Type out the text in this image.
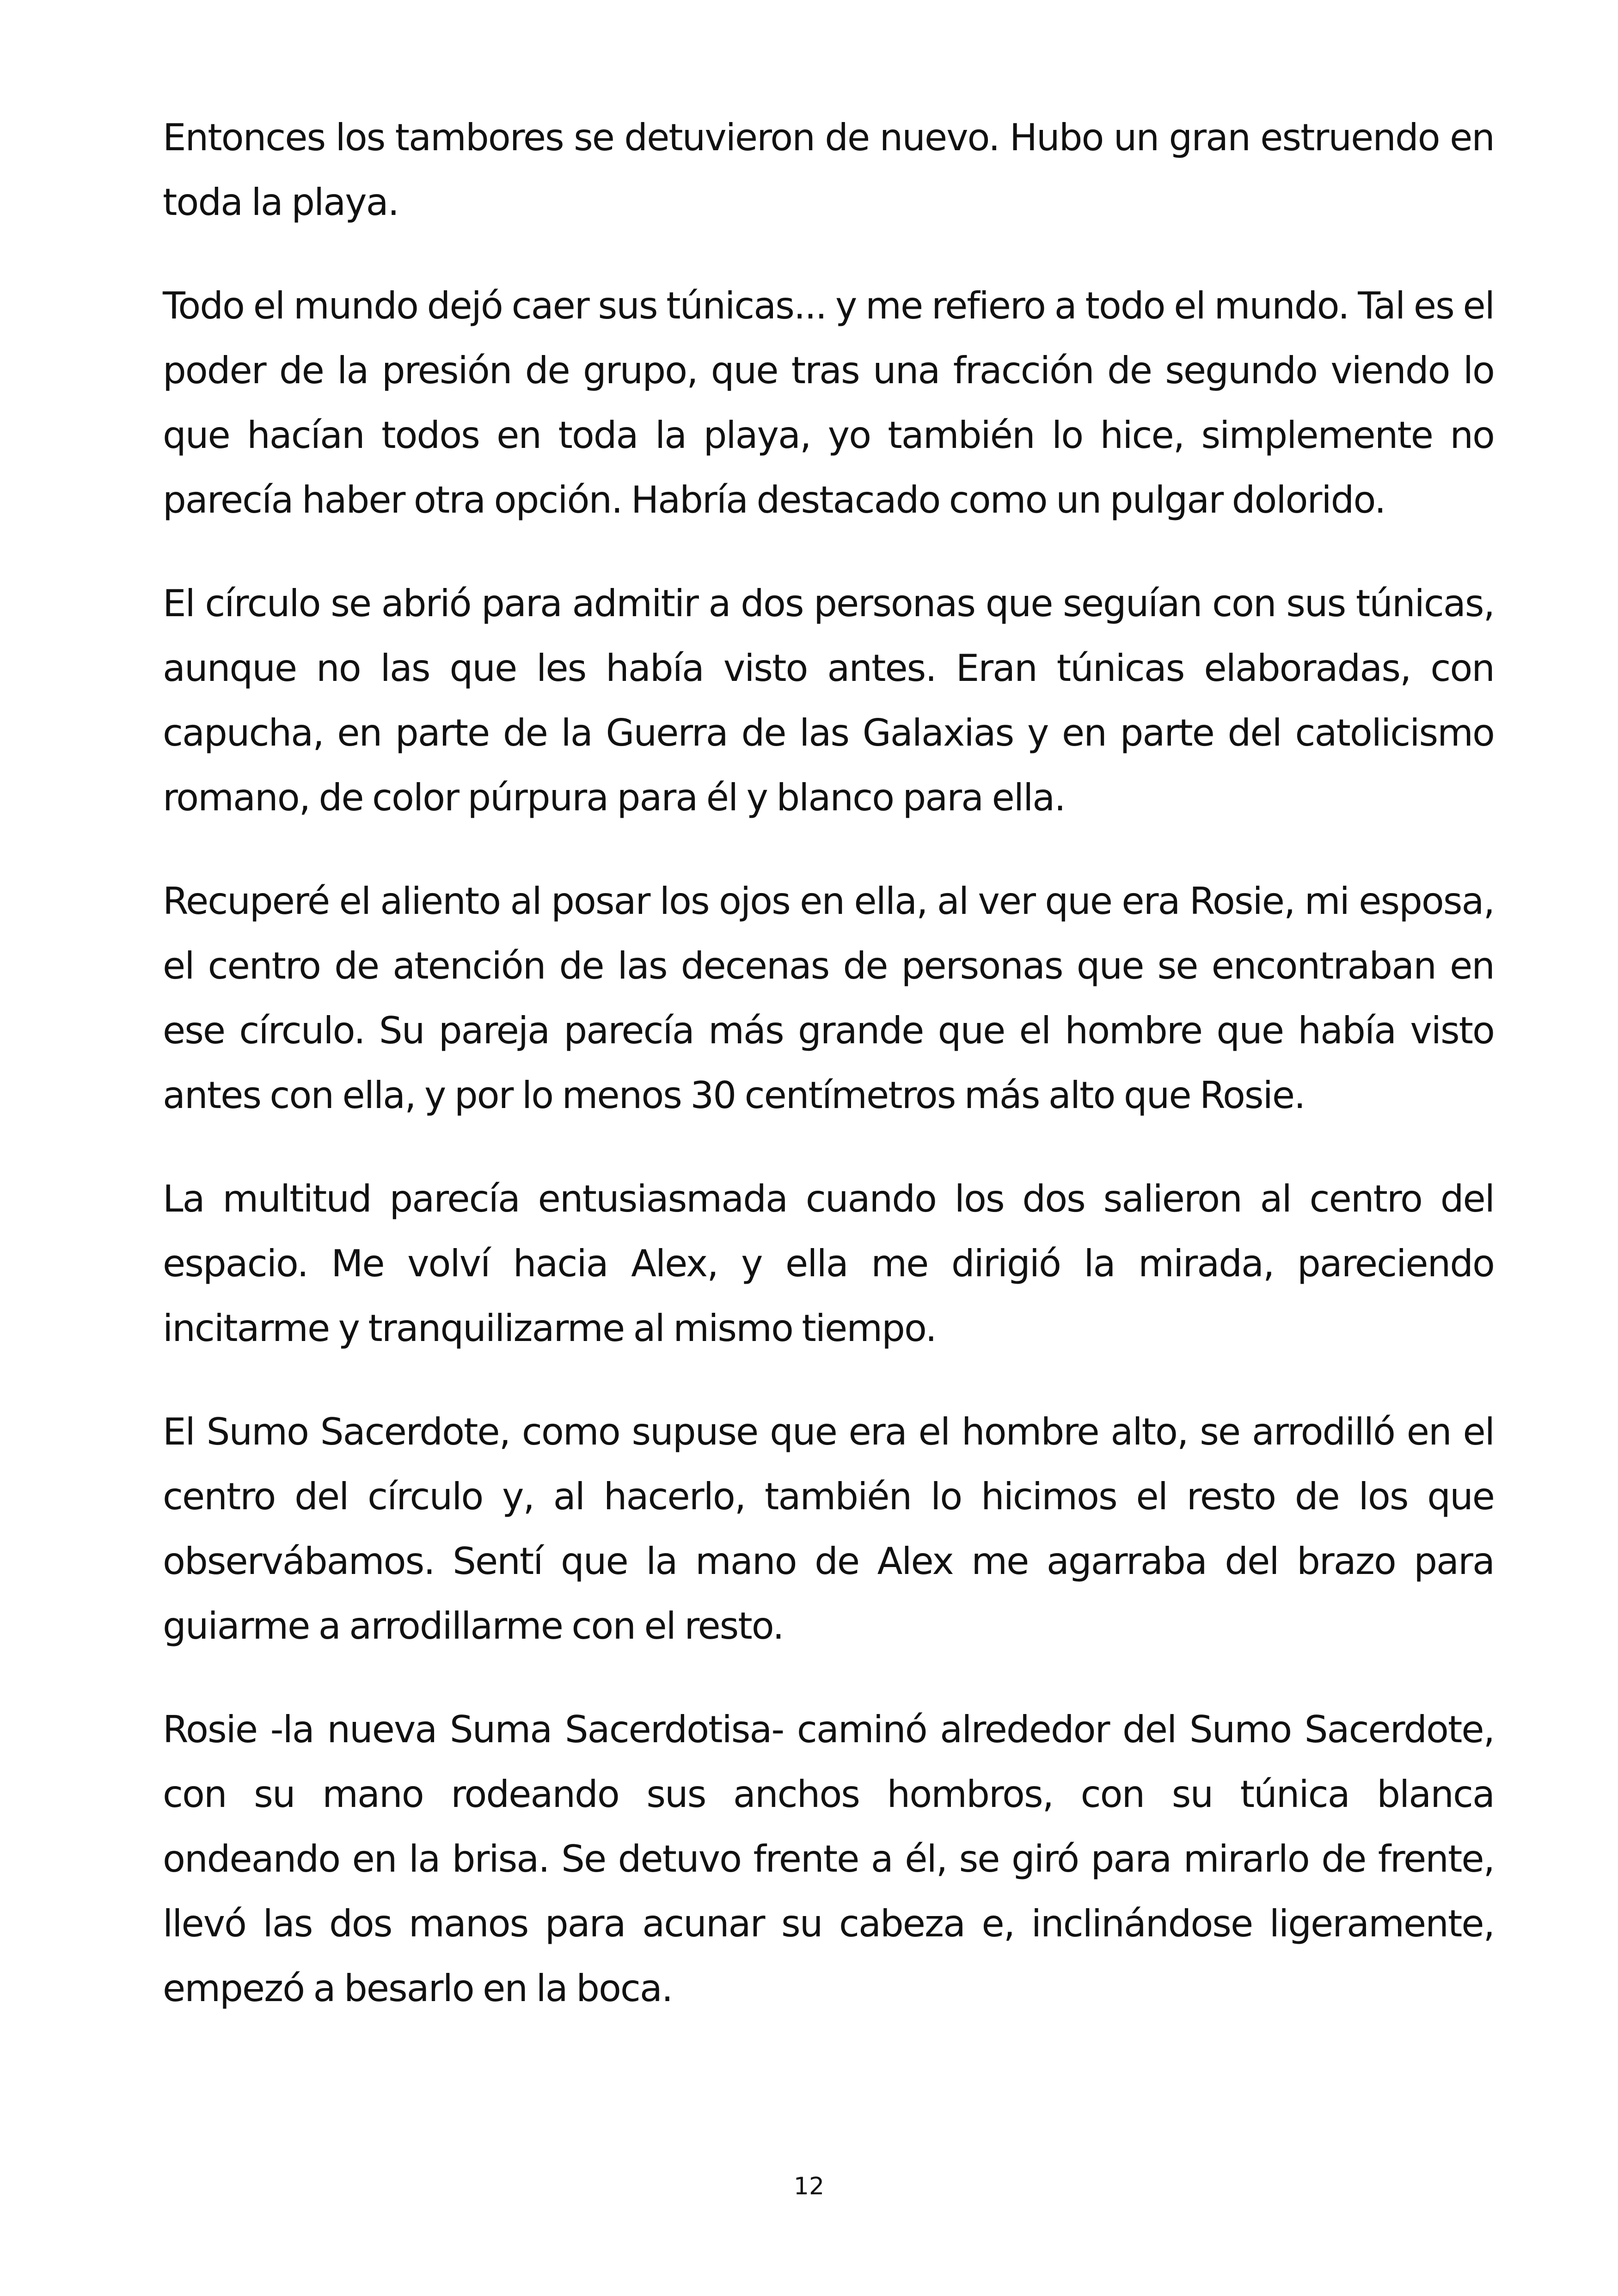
Entonces los tambores se detuvieron de nuevo. Hubo un gran estruendo en toda la playa.

Todo el mundo dejó caer sus túnicas... y me refiero a todo el mundo. Tal es el poder de la presión de grupo, que tras una fracción de segundo viendo lo que hacían todos en toda la playa, yo también lo hice, simplemente no parecía haber otra opción. Habría destacado como un pulgar dolorido.

El círculo se abrió para admitir a dos personas que seguían con sus túnicas, aunque no las que les había visto antes. Eran túnicas elaboradas, con capucha, en parte de la Guerra de las Galaxias y en parte del catolicismo romano, de color púrpura para él y blanco para ella.

Recuperé el aliento al posar los ojos en ella, al ver que era Rosie, mi esposa, el centro de atención de las decenas de personas que se encontraban en ese círculo. Su pareja parecía más grande que el hombre que había visto antes con ella, y por lo menos 30 centímetros más alto que Rosie.

La multitud parecía entusiasmada cuando los dos salieron al centro del espacio. Me volví hacia Alex, y ella me dirigió la mirada, pareciendo incitarme y tranquilizarme al mismo tiempo.

El Sumo Sacerdote, como supuse que era el hombre alto, se arrodilló en el centro del círculo y, al hacerlo, también lo hicimos el resto de los que observábamos. Sentí que la mano de Alex me agarraba del brazo para guiarme a arrodillarme con el resto.

Rosie -la nueva Suma Sacerdotisa- caminó alrededor del Sumo Sacerdote, con su mano rodeando sus anchos hombros, con su túnica blanca ondeando en la brisa. Se detuvo frente a él, se giró para mirarlo de frente, llevó las dos manos para acunar su cabeza e, inclinándose ligeramente, empezó a besarlo en la boca.

12
